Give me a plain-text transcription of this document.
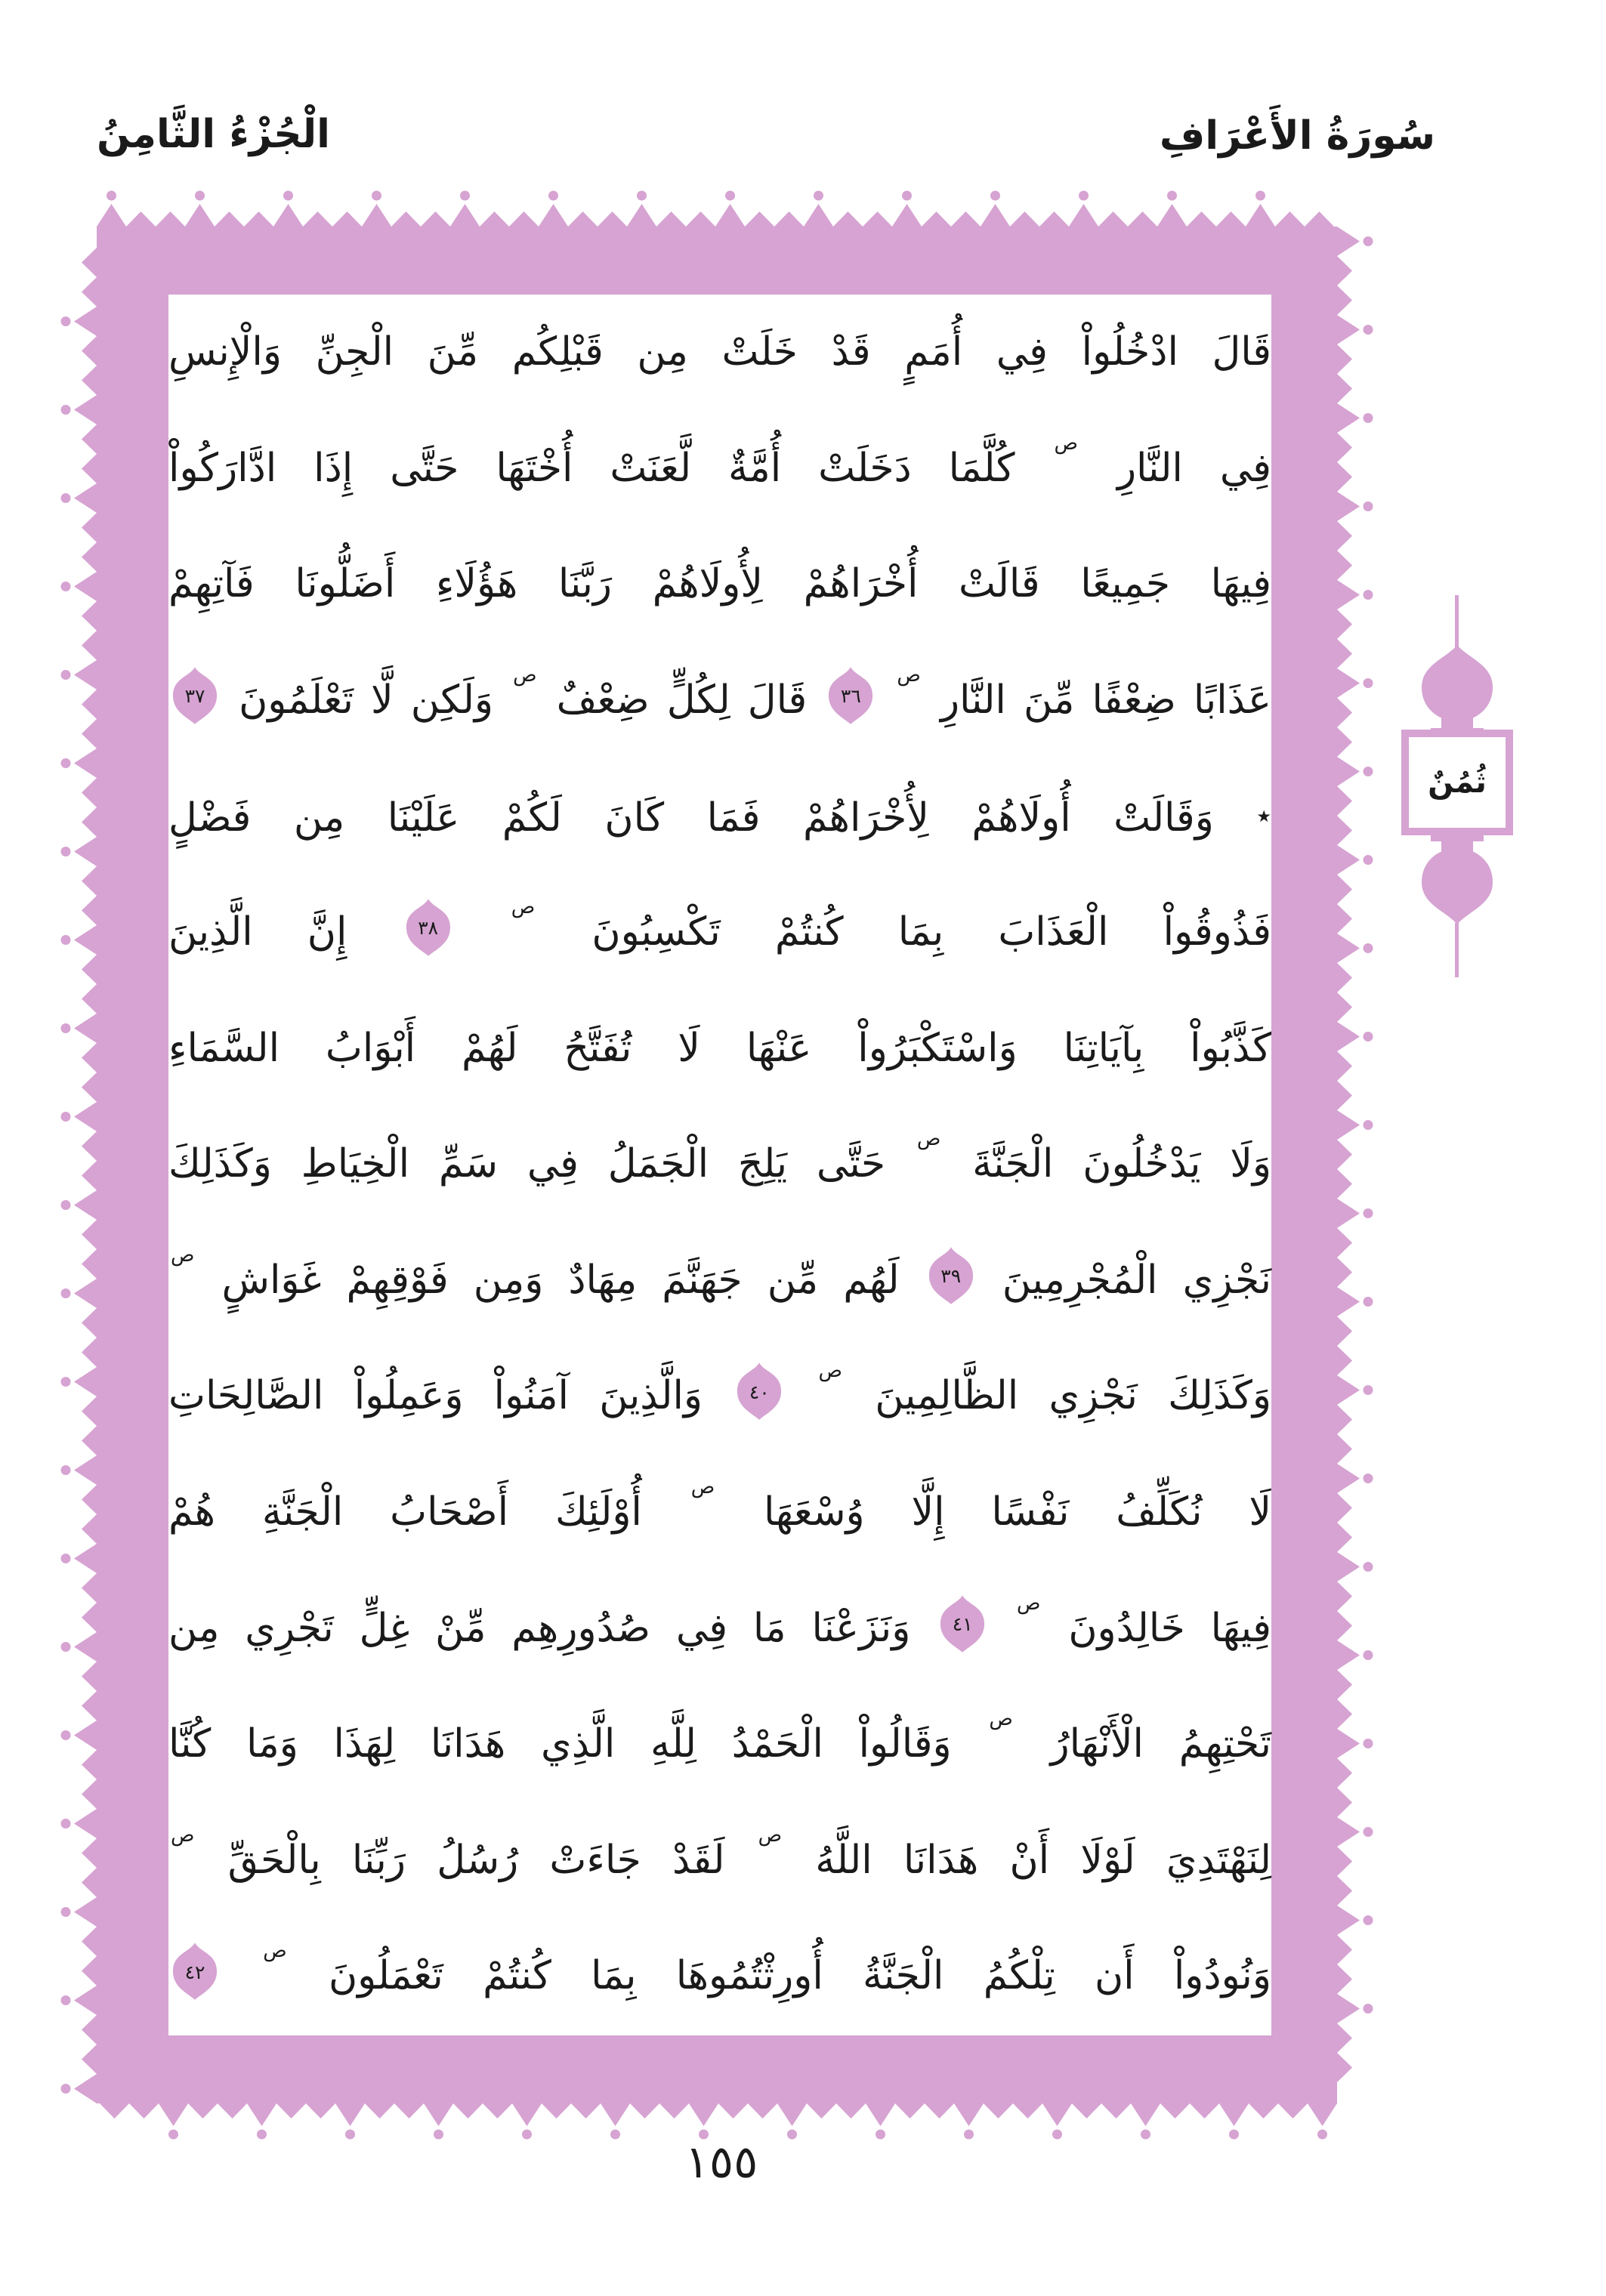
الْجُزْءُ الثَّامِنُ	سُورَةُ الأَعْرَافِ
قَالَ ادْخُلُواْ فِي أُمَمٍ قَدْ خَلَتْ مِن قَبْلِكُم مِّنَ الْجِنِّ وَالْإِنسِ
فِي النَّارِ ص كُلَّمَا دَخَلَتْ أُمَّةٌ لَّعَنَتْ أُخْتَهَا حَتَّى إِذَا ادَّارَكُواْ
فِيهَا جَمِيعًا قَالَتْ أُخْرَاهُمْ لِأُولَاهُمْ رَبَّنَا هَؤُلَاءِ أَضَلُّونَا فَآتِهِمْ
عَذَابًا ضِعْفًا مِّنَ النَّارِ ص
٣٦
قَالَ لِكُلٍّ ضِعْفٌ ص وَلَكِن لَّا تَعْلَمُونَ
٣٧
٭ وَقَالَتْ أُولَاهُمْ لِأُخْرَاهُمْ فَمَا كَانَ لَكُمْ عَلَيْنَا مِن فَضْلٍ
فَذُوقُواْ الْعَذَابَ بِمَا كُنتُمْ تَكْسِبُونَ ص
٣٨
إِنَّ الَّذِينَ
كَذَّبُواْ بِآيَاتِنَا وَاسْتَكْبَرُواْ عَنْهَا لَا تُفَتَّحُ لَهُمْ أَبْوَابُ السَّمَاءِ
وَلَا يَدْخُلُونَ الْجَنَّةَ ص حَتَّى يَلِجَ الْجَمَلُ فِي سَمِّ الْخِيَاطِ وَكَذَلِكَ
نَجْزِي الْمُجْرِمِينَ
٣٩
لَهُم مِّن جَهَنَّمَ مِهَادٌ وَمِن فَوْقِهِمْ غَوَاشٍ ص
وَكَذَلِكَ نَجْزِي الظَّالِمِينَ ص
٤٠
وَالَّذِينَ آمَنُواْ وَعَمِلُواْ الصَّالِحَاتِ
لَا نُكَلِّفُ نَفْسًا إِلَّا وُسْعَهَا ص أُوْلَئِكَ أَصْحَابُ الْجَنَّةِ هُمْ
فِيهَا خَالِدُونَ ص
٤١
وَنَزَعْنَا مَا فِي صُدُورِهِم مِّنْ غِلٍّ تَجْرِي مِن
تَحْتِهِمُ الْأَنْهَارُ ص وَقَالُواْ الْحَمْدُ لِلَّهِ الَّذِي هَدَانَا لِهَذَا وَمَا كُنَّا
لِنَهْتَدِيَ لَوْلَا أَنْ هَدَانَا اللَّهُ ص لَقَدْ جَاءَتْ رُسُلُ رَبِّنَا بِالْحَقِّ ص
وَنُودُواْ أَن تِلْكُمُ الْجَنَّةُ أُورِثْتُمُوهَا بِمَا كُنتُمْ تَعْمَلُونَ ص
٤٢
ثُمُنٌ
١٥٥
